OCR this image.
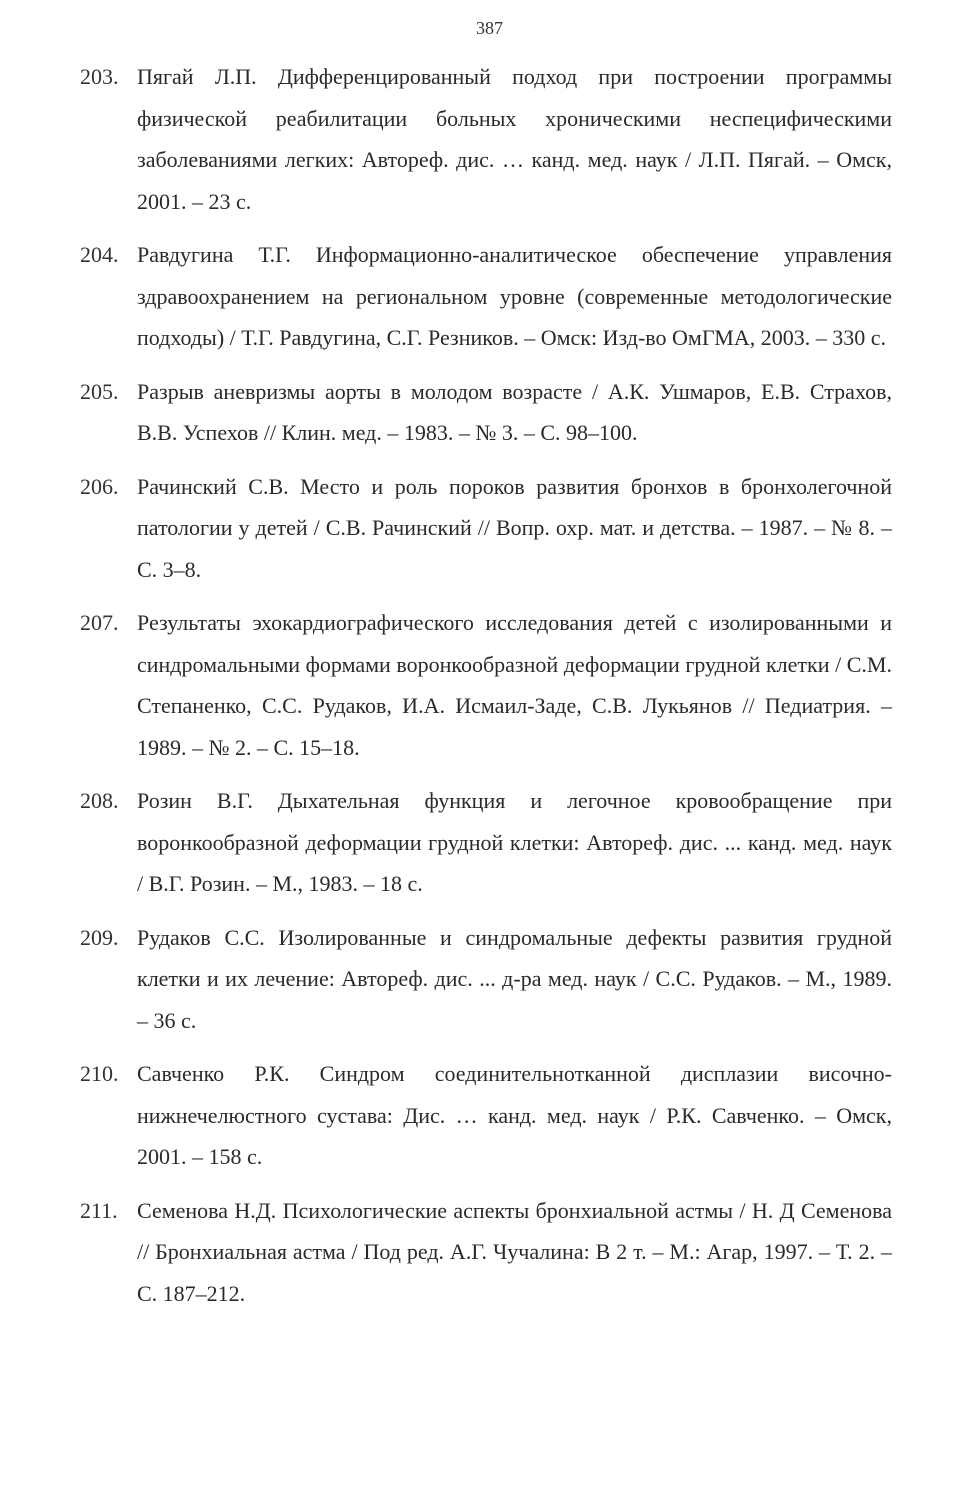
387
203. Пягай Л.П. Дифференцированный подход при построении программы физической реабилитации больных хроническими неспецифическими заболеваниями легких: Автореф. дис. … канд. мед. наук / Л.П. Пягай. – Омск, 2001. – 23 с.
204. Равдугина Т.Г. Информационно-аналитическое обеспечение управления здравоохранением на региональном уровне (современные методологические подходы) / Т.Г. Равдугина, С.Г. Резников. – Омск: Изд-во ОмГМА, 2003. – 330 с.
205. Разрыв аневризмы аорты в молодом возрасте / А.К. Ушмаров, Е.В. Страхов, В.В. Успехов // Клин. мед. – 1983. – № 3. – С. 98–100.
206. Рачинский С.В. Место и роль пороков развития бронхов в бронхолегочной патологии у детей / С.В. Рачинский // Вопр. охр. мат. и детства. – 1987. – № 8. – С. 3–8.
207. Результаты эхокардиографического исследования детей с изолированными и синдромальными формами воронкообразной деформации грудной клетки / С.М. Степаненко, С.С. Рудаков, И.А. Исмаил-Заде, С.В. Лукьянов // Педиатрия. – 1989. – № 2. – С. 15–18.
208. Розин В.Г. Дыхательная функция и легочное кровообращение при воронкообразной деформации грудной клетки: Автореф. дис. ... канд. мед. наук / В.Г. Розин. – М., 1983. – 18 с.
209. Рудаков С.С. Изолированные и синдромальные дефекты развития грудной клетки и их лечение: Автореф. дис. ... д-ра мед. наук / С.С. Рудаков. – М., 1989. – 36 с.
210. Савченко Р.К. Синдром соединительнотканной дисплазии височно-нижнечелюстного сустава: Дис. … канд. мед. наук / Р.К. Савченко. – Омск, 2001. – 158 с.
211. Семенова Н.Д. Психологические аспекты бронхиальной астмы / Н. Д Семенова // Бронхиальная астма / Под ред. А.Г. Чучалина: В 2 т. – М.: Агар, 1997. – Т. 2. – С. 187–212.
